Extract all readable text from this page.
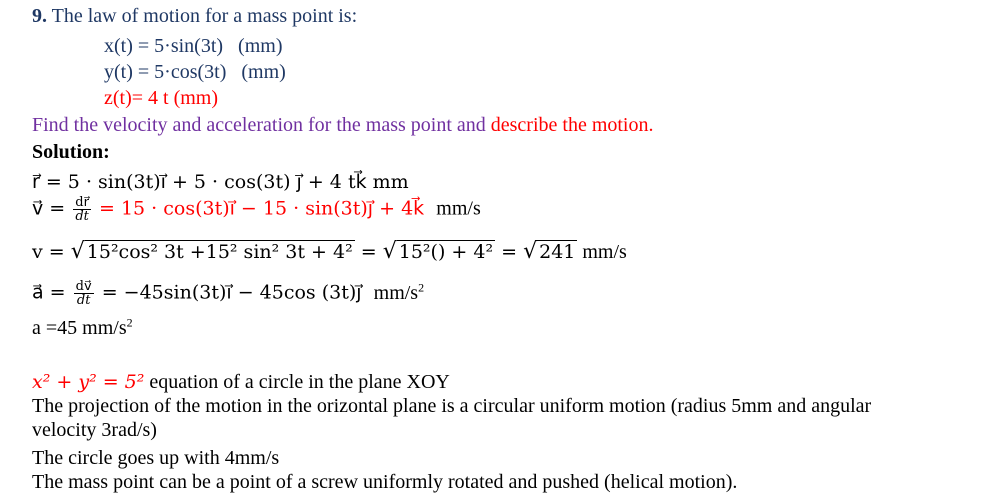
9. The law of motion for a mass point is:
x(t) = 5·sin(3t) (mm)
y(t) = 5·cos(3t) (mm)
z(t)= 4 t (mm)
Find the velocity and acceleration for the mass point and describe the motion.
Solution:
r⃗ = 5 · sin(3t)ı⃗ + 5 · cos(3t) ȷ⃗ + 4 tk⃗ mm
v⃗ = $\frac{dr⃗}{dt} = 15$ · cos(3t)ı⃗ − 15 · sin(3t)ȷ⃗ + 4k⃗ mm/s
v = √ 15²cos² 3t +15² sin² 3t + 4² = √ 15²() + 4² = √ 241 mm/s
a⃗ = $\frac{dv⃗}{dt}$ = −45sin(3t)ı⃗ − 45cos (3t)ȷ⃗ $mm/s^2$
a =45 $mm/s^2$
x² + y² = 5² equation of a circle in the plane XOY
The projection of the motion in the orizontal plane is a circular uniform motion (radius 5mm and angular
velocity 3rad/s)
The circle goes up with 4mm/s
The mass point can be a point of a screw uniformly rotated and pushed (helical motion).
